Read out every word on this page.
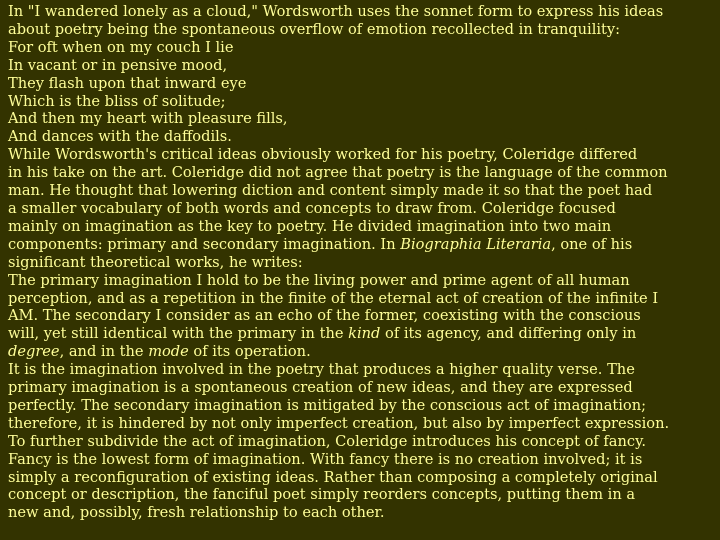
In "I wandered lonely as a cloud," Wordsworth uses the sonnet form to express his ideas
about poetry being the spontaneous overflow of emotion recollected in tranquility:

For oft when on my couch I lie
In vacant or in pensive mood,
They flash upon that inward eye
Which is the bliss of solitude;
And then my heart with pleasure fills,
And dances with the daffodils.

While Wordsworth's critical ideas obviously worked for his poetry, Coleridge differed
in his take on the art. Coleridge did not agree that poetry is the language of the common
man. He thought that lowering diction and content simply made it so that the poet had
a smaller vocabulary of both words and concepts to draw from. Coleridge focused
mainly on imagination as the key to poetry. He divided imagination into two main
components: primary and secondary imagination. In Biographia Literaria, one of his
significant theoretical works, he writes:

The primary imagination I hold to be the living power and prime agent of all human
perception, and as a repetition in the finite of the eternal act of creation of the infinite I
AM. The secondary I consider as an echo of the former, coexisting with the conscious
will, yet still identical with the primary in the kind of its agency, and differing only in
degree, and in the mode of its operation.

It is the imagination involved in the poetry that produces a higher quality verse. The
primary imagination is a spontaneous creation of new ideas, and they are expressed
perfectly. The secondary imagination is mitigated by the conscious act of imagination;
therefore, it is hindered by not only imperfect creation, but also by imperfect expression.
To further subdivide the act of imagination, Coleridge introduces his concept of fancy.
Fancy is the lowest form of imagination. With fancy there is no creation involved; it is
simply a reconfiguration of existing ideas. Rather than composing a completely original
concept or description, the fanciful poet simply reorders concepts, putting them in a
new and, possibly, fresh relationship to each other.
